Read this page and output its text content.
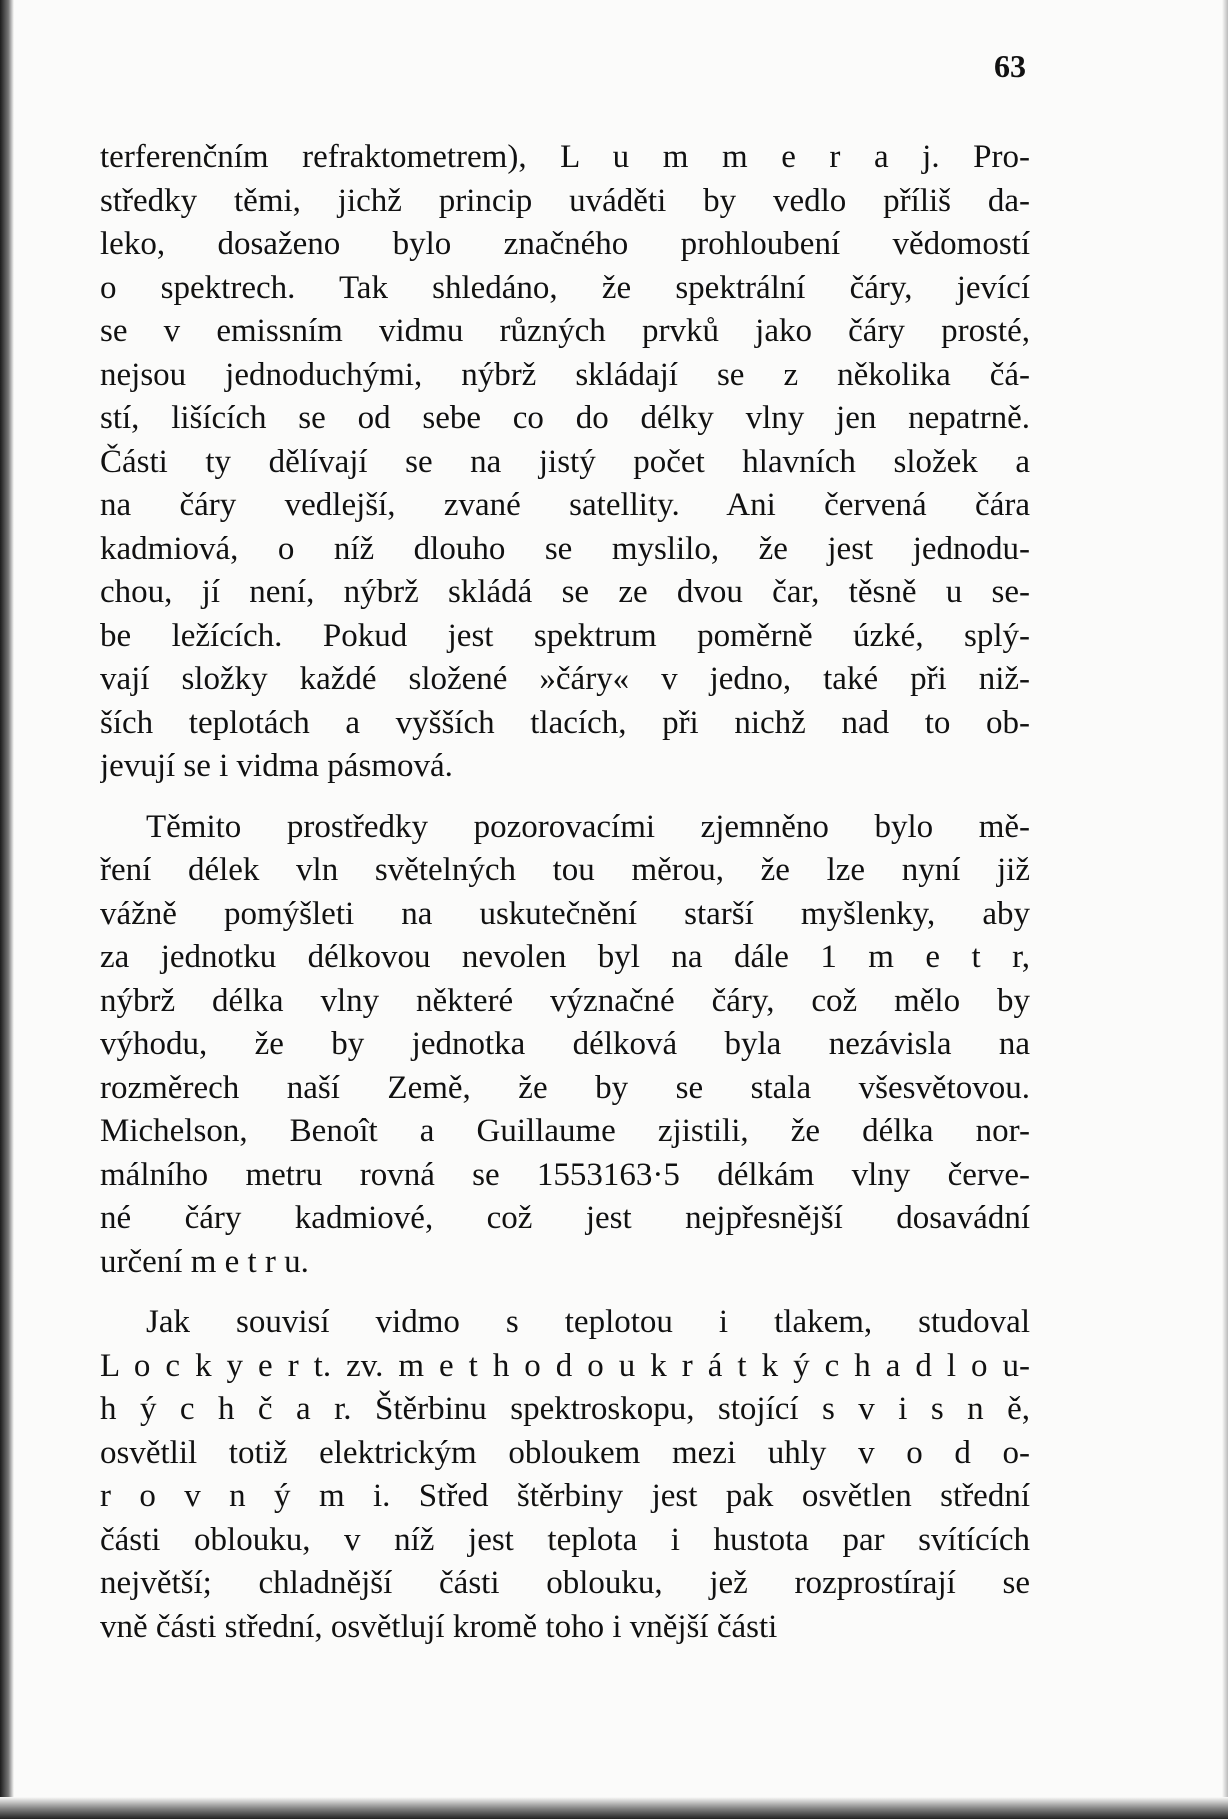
63
terferenčním refraktometrem), L u m m e r a j. Pro-
středky těmi, jichž princip uváděti by vedlo příliš da-
leko, dosaženo bylo značného prohloubení vědomostí
o spektrech. Tak shledáno, že spektrální čáry, jevící
se v emissním vidmu různých prvků jako čáry prosté,
nejsou jednoduchými, nýbrž skládají se z několika čá-
stí, lišících se od sebe co do délky vlny jen nepatrně.
Části ty dělívají se na jistý počet hlavních složek a
na čáry vedlejší, zvané satellity. Ani červená čára
kadmiová, o níž dlouho se myslilo, že jest jednodu-
chou, jí není, nýbrž skládá se ze dvou čar, těsně u se-
be ležících. Pokud jest spektrum poměrně úzké, splý-
vají složky každé složené »čáry« v jedno, také při niž-
ších teplotách a vyšších tlacích, při nichž nad to ob-
jevují se i vidma pásmová.
Těmito prostředky pozorovacími zjemněno bylo mě-
ření délek vln světelných tou měrou, že lze nyní již
vážně pomýšleti na uskutečnění starší myšlenky, aby
za jednotku délkovou nevolen byl na dále 1 m e t r,
nýbrž délka vlny některé význačné čáry, což mělo by
výhodu, že by jednotka délková byla nezávisla na
rozměrech naší Země, že by se stala všesvětovou.
Michelson, Benoît a Guillaume zjistili, že délka nor-
málního metru rovná se 1553163·5 délkám vlny červe-
né čáry kadmiové, což jest nejpřesnější dosavádní
určení m e t r u.
Jak souvisí vidmo s teplotou i tlakem, studoval
L o c k y e r t. zv. m e t h o d o u k r á t k ý c h a d l o u-
h ý c h č a r. Štěrbinu spektroskopu, stojící s v i s n ě,
osvětlil totiž elektrickým obloukem mezi uhly v o d o-
r o v n ý m i. Střed štěrbiny jest pak osvětlen střední
části oblouku, v níž jest teplota i hustota par svítících
největší; chladnější části oblouku, jež rozprostírají se
vně části střední, osvětlují kromě toho i vnější části
